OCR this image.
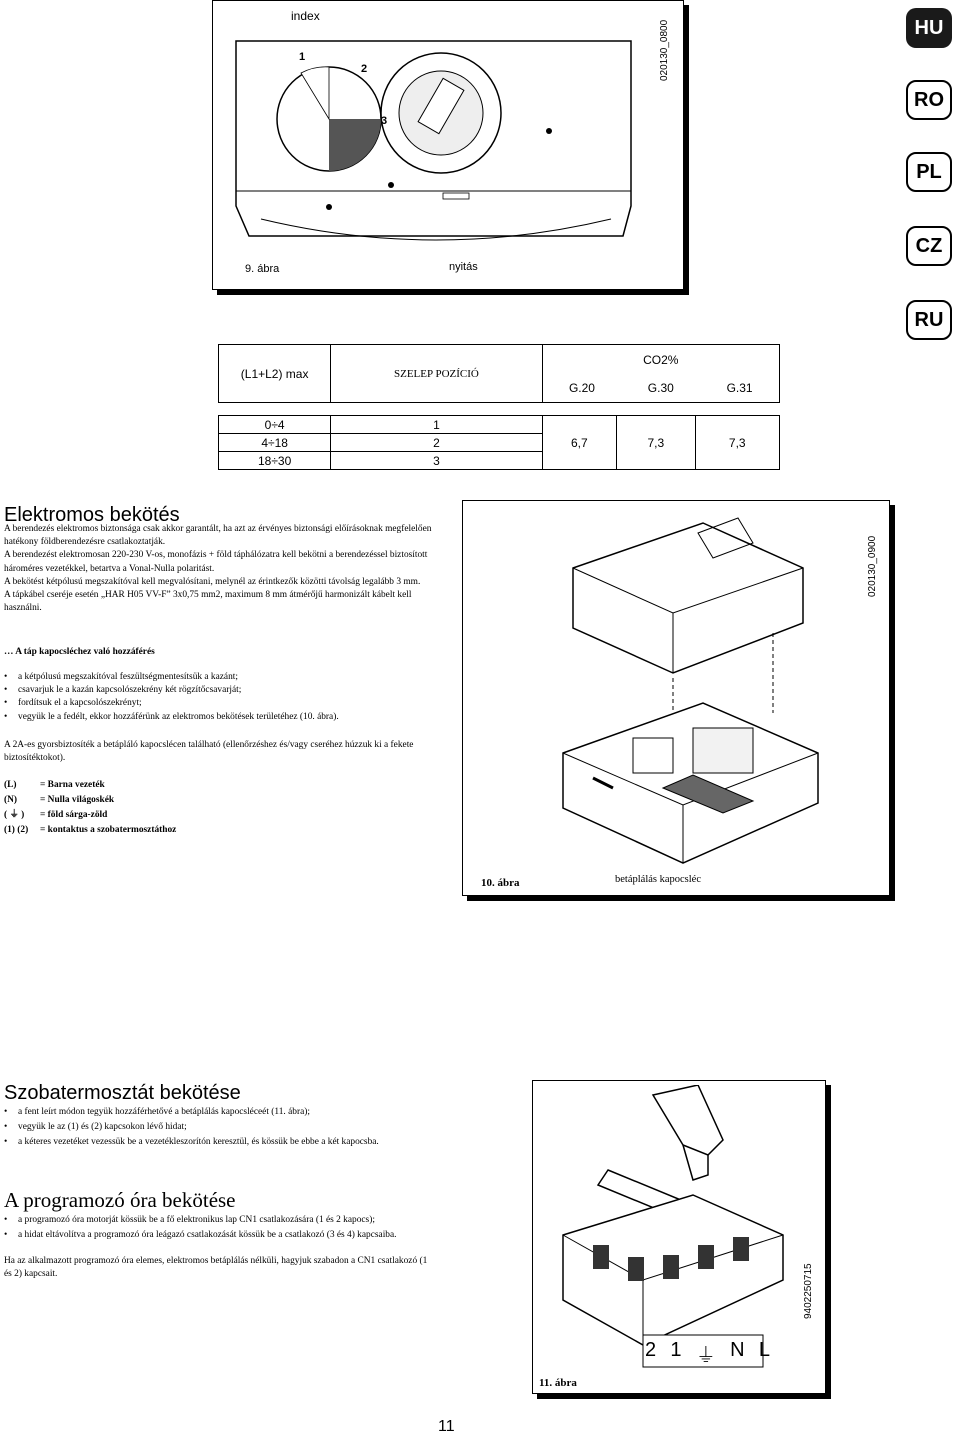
HU
RO
PL
CZ
RU
index
1
2
3
020130_0800
9. ábra	nyitás
(L1+L2) max	SZELEP POZÍCIÓ	CO2%
G.20 G.30 G.31		

0÷4	1	6,7	7,3	7,3
4÷18	2			
18÷30	3			
Elektromos bekötés

A berendezés elektromos biztonsága csak akkor garantált, ha azt az érvényes biztonsági előírásoknak megfelelően hatékony földberendezésre csatlakoztatják.

A berendezést elektromosan 220-230 V-os, monofázis + föld táphálózatra kell bekötni a berendezéssel biztosított hároméres vezetékkel, betartva a Vonal-Nulla polaritást.

A bekötést kétpólusú megszakítóval kell megvalósítani, melynél az érintkezők közötti távolság legalább 3 mm.

A tápkábel cseréje esetén „HAR H05 VV-F” 3x0,75 mm2, maximum 8 mm átmérőjű harmonizált kábelt kell használni.

… A táp kapocsléchez való hozzáférés
• a kétpólusú megszakítóval feszültségmentesítsük a kazánt;
• csavarjuk le a kazán kapcsolószekrény két rögzítőcsavarját;
• fordítsuk el a kapcsolószekrényt;
• vegyük le a fedélt, ekkor hozzáférünk az elektromos bekötések területéhez (10. ábra).
A 2A-es gyorsbiztosíték a betápláló kapocslécen található (ellenőrzéshez és/vagy cseréhez húzzuk ki a fekete biztosítéktokot).
(L)	= Barna vezeték
(N) = Nulla világoskék
( ⏚ ) = föld sárga-zöld
(1) (2) = kontaktus a szobatermosztáthoz
020130_0900
10. ábra	betáplálás kapocsléc
Szobatermosztát bekötése
• a fent leírt módon tegyük hozzáférhetővé a betáplálás kapocsléceét (11. ábra);
• vegyük le az (1) és (2) kapcsokon lévő hidat;
• a kéteres vezetéket vezessük be a vezetékleszorítón keresztül, és kössük be ebbe a két kapocsba.
A programozó óra bekötése
• a programozó óra motorját kössük be a fő elektronikus lap CN1 csatlakozására (1 és 2 kapocs);
• a hidat eltávolítva a programozó óra leágazó csatlakozását kössük be a csatlakozó (3 és 4) kapcsaiba.
Ha az alkalmazott programozó óra elemes, elektromos betáplálás nélküli, hagyjuk szabadon a CN1 csatlakozó (1 és 2) kapcsait.
2 1 ⏚ N L
940225071​5
11. ábra
11
